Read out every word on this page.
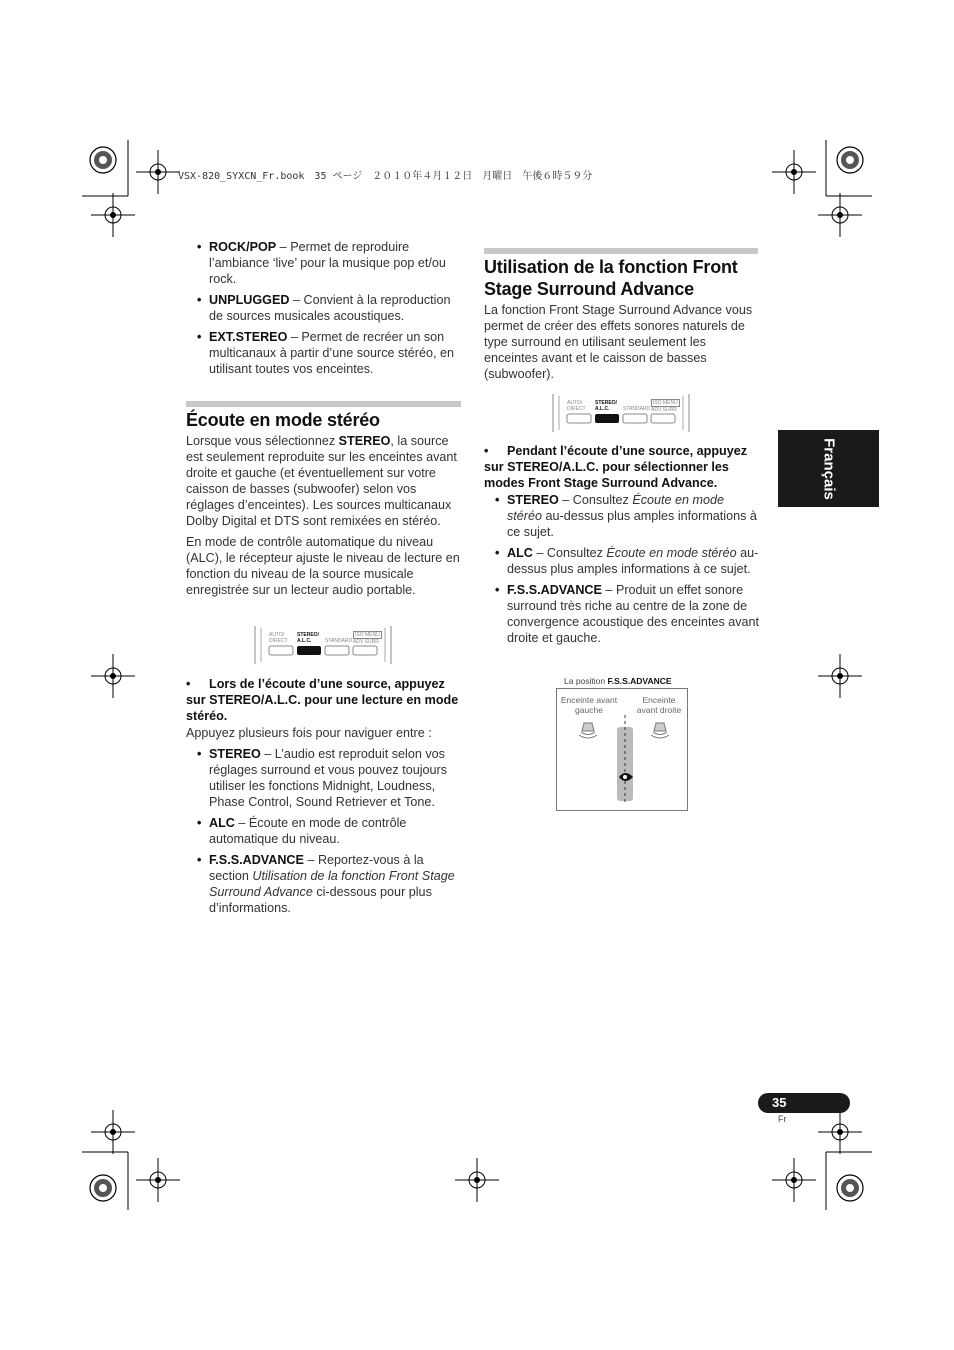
VSX-820_SYXCN_Fr.book　35 ページ　２０１０年４月１２日　月曜日　午後６時５９分
• ROCK/POP – Permet de reproduire l’ambiance ‘live’ pour la musique pop et/ou rock.
• UNPLUGGED – Convient à la reproduction de sources musicales acoustiques.
• EXT.STEREO – Permet de recréer un son multicanaux à partir d’une source stéréo, en utilisant toutes vos enceintes.
Écoute en mode stéréo
Lorsque vous sélectionnez STEREO, la source est seulement reproduite sur les enceintes avant droite et gauche (et éventuellement sur votre caisson de basses (subwoofer) selon vos réglages d’enceintes). Les sources multicanaux Dolby Digital et DTS sont remixées en stéréo.
En mode de contrôle automatique du niveau (ALC), le récepteur ajuste le niveau de lecture en fonction du niveau de la source musicale enregistrée sur un lecteur audio portable.
AUTO/
DIRECT
STEREO/
A.L.C.	STANDARD
ISO MENU
ADV SURR
•	Lors de l’écoute d’une source, appuyez sur STEREO/A.L.C. pour une lecture en mode stéréo.
Appuyez plusieurs fois pour naviguer entre :
• STEREO – L’audio est reproduit selon vos réglages surround et vous pouvez toujours utiliser les fonctions Midnight, Loudness, Phase Control, Sound Retriever et Tone.
• ALC – Écoute en mode de contrôle automatique du niveau.
• F.S.S.ADVANCE – Reportez-vous à la section Utilisation de la fonction Front Stage Surround Advance ci-dessous pour plus d’informations.
Utilisation de la fonction Front Stage Surround Advance
La fonction Front Stage Surround Advance vous permet de créer des effets sonores naturels de type surround en utilisant seulement les enceintes avant et le caisson de basses (subwoofer).
AUTO/
DIRECT
STEREO/
A.L.C.	STANDARD
ISO MENU
ADV SURR
•	Pendant l’écoute d’une source, appuyez sur STEREO/A.L.C. pour sélectionner les modes Front Stage Surround Advance.
• STEREO – Consultez Écoute en mode stéréo au-dessus plus amples informations à ce sujet.
• ALC – Consultez Écoute en mode stéréo au-dessus plus amples informations à ce sujet.
• F.S.S.ADVANCE – Produit un effet sonore surround très riche au centre de la zone de convergence acoustique des enceintes avant droite et gauche.
La position F.S.S.ADVANCE
Enceinte avant gauche
Enceinte avant droite
Français
35
Fr
